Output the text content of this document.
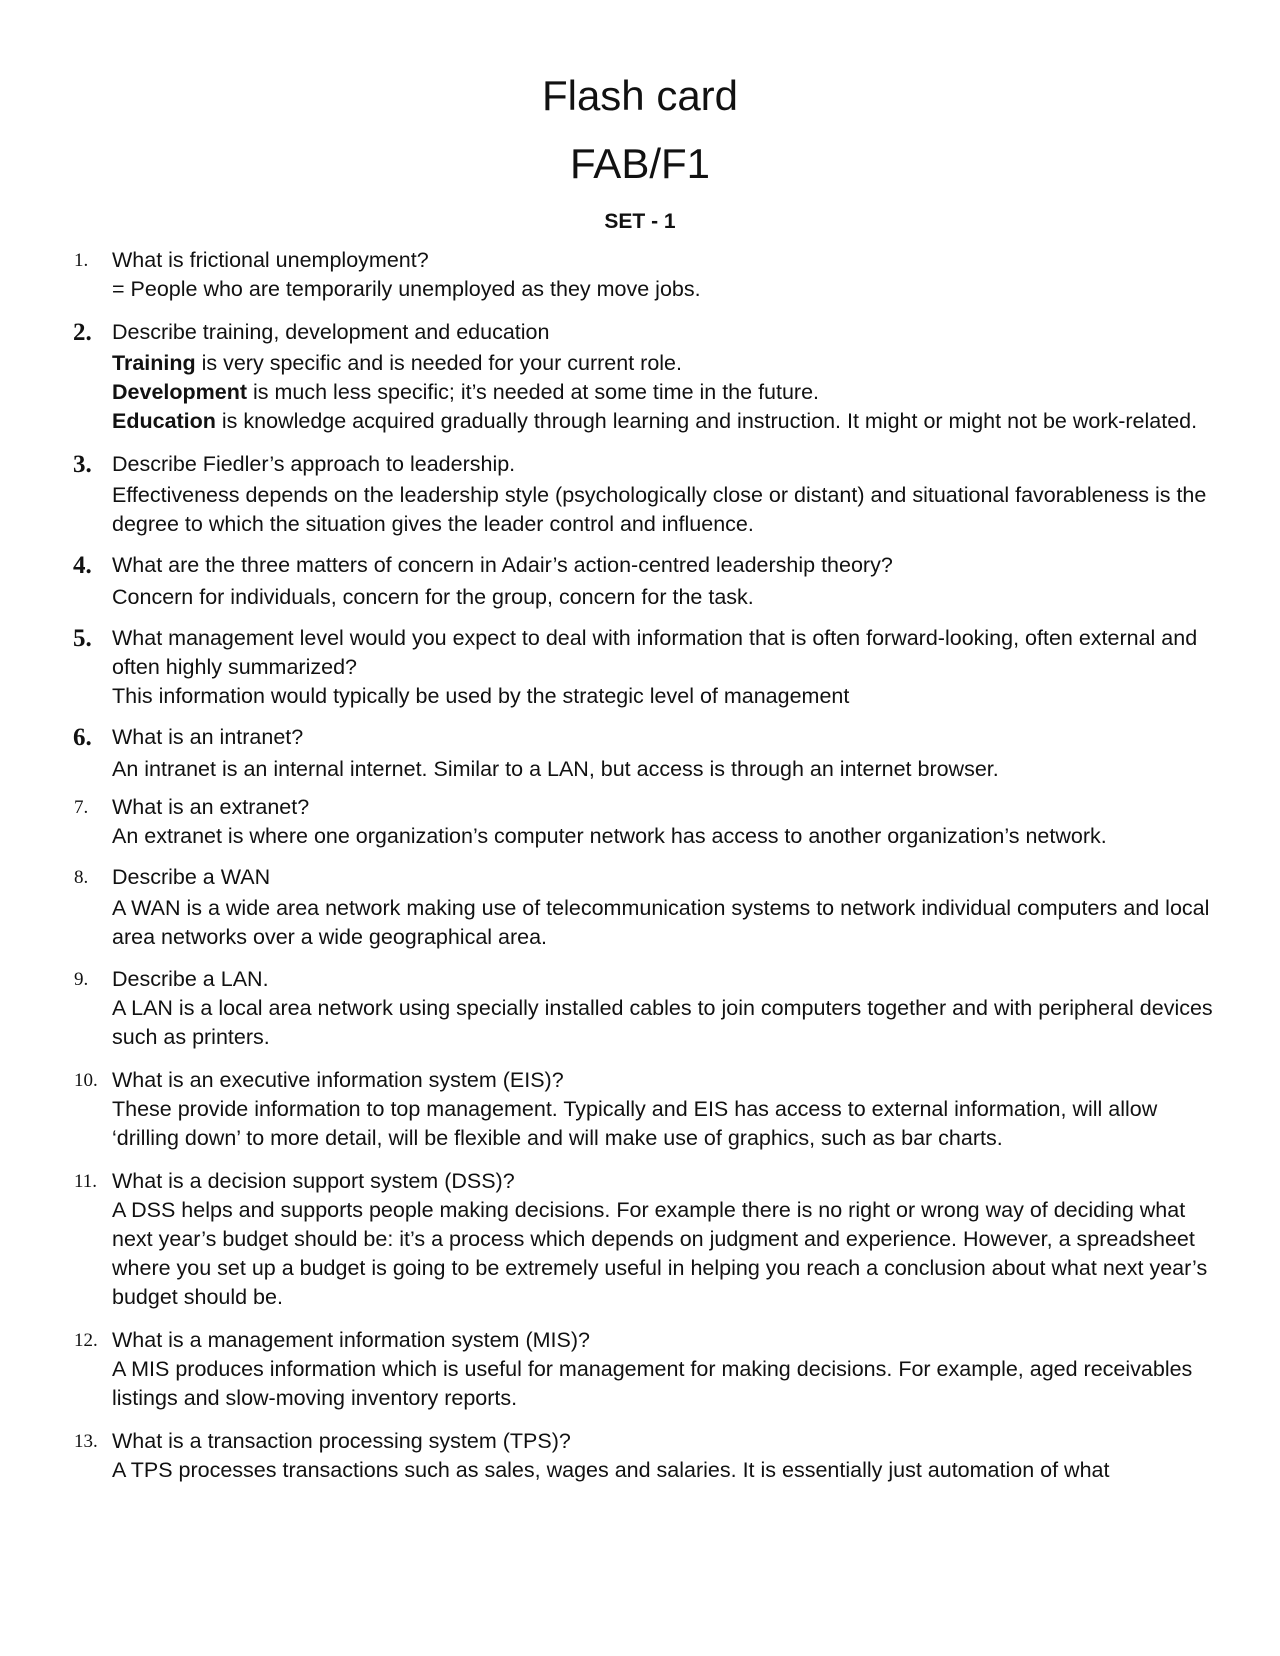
Flash card
FAB/F1
SET - 1
1. What is frictional unemployment?
= People who are temporarily unemployed as they move jobs.
2. Describe training, development and education
Training is very specific and is needed for your current role.
Development is much less specific; it’s needed at some time in the future.
Education is knowledge acquired gradually through learning and instruction. It might or might not be work-related.
3. Describe Fiedler’s approach to leadership.
Effectiveness depends on the leadership style (psychologically close or distant) and situational favorableness is the degree to which the situation gives the leader control and influence.
4. What are the three matters of concern in Adair’s action-centred leadership theory?
Concern for individuals, concern for the group, concern for the task.
5. What management level would you expect to deal with information that is often forward-looking, often external and often highly summarized?
This information would typically be used by the strategic level of management
6. What is an intranet?
An intranet is an internal internet. Similar to a LAN, but access is through an internet browser.
7. What is an extranet?
An extranet is where one organization’s computer network has access to another organization’s network.
8. Describe a WAN
A WAN is a wide area network making use of telecommunication systems to network individual computers and local area networks over a wide geographical area.
9. Describe a LAN.
A LAN is a local area network using specially installed cables to join computers together and with peripheral devices such as printers.
10. What is an executive information system (EIS)?
These provide information to top management. Typically and EIS has access to external information, will allow ‘drilling down’ to more detail, will be flexible and will make use of graphics, such as bar charts.
11. What is a decision support system (DSS)?
A DSS helps and supports people making decisions. For example there is no right or wrong way of deciding what next year’s budget should be: it’s a process which depends on judgment and experience. However, a spreadsheet where you set up a budget is going to be extremely useful in helping you reach a conclusion about what next year’s budget should be.
12. What is a management information system (MIS)?
A MIS produces information which is useful for management for making decisions. For example, aged receivables listings and slow-moving inventory reports.
13. What is a transaction processing system (TPS)?
A TPS processes transactions such as sales, wages and salaries. It is essentially just automation of what
